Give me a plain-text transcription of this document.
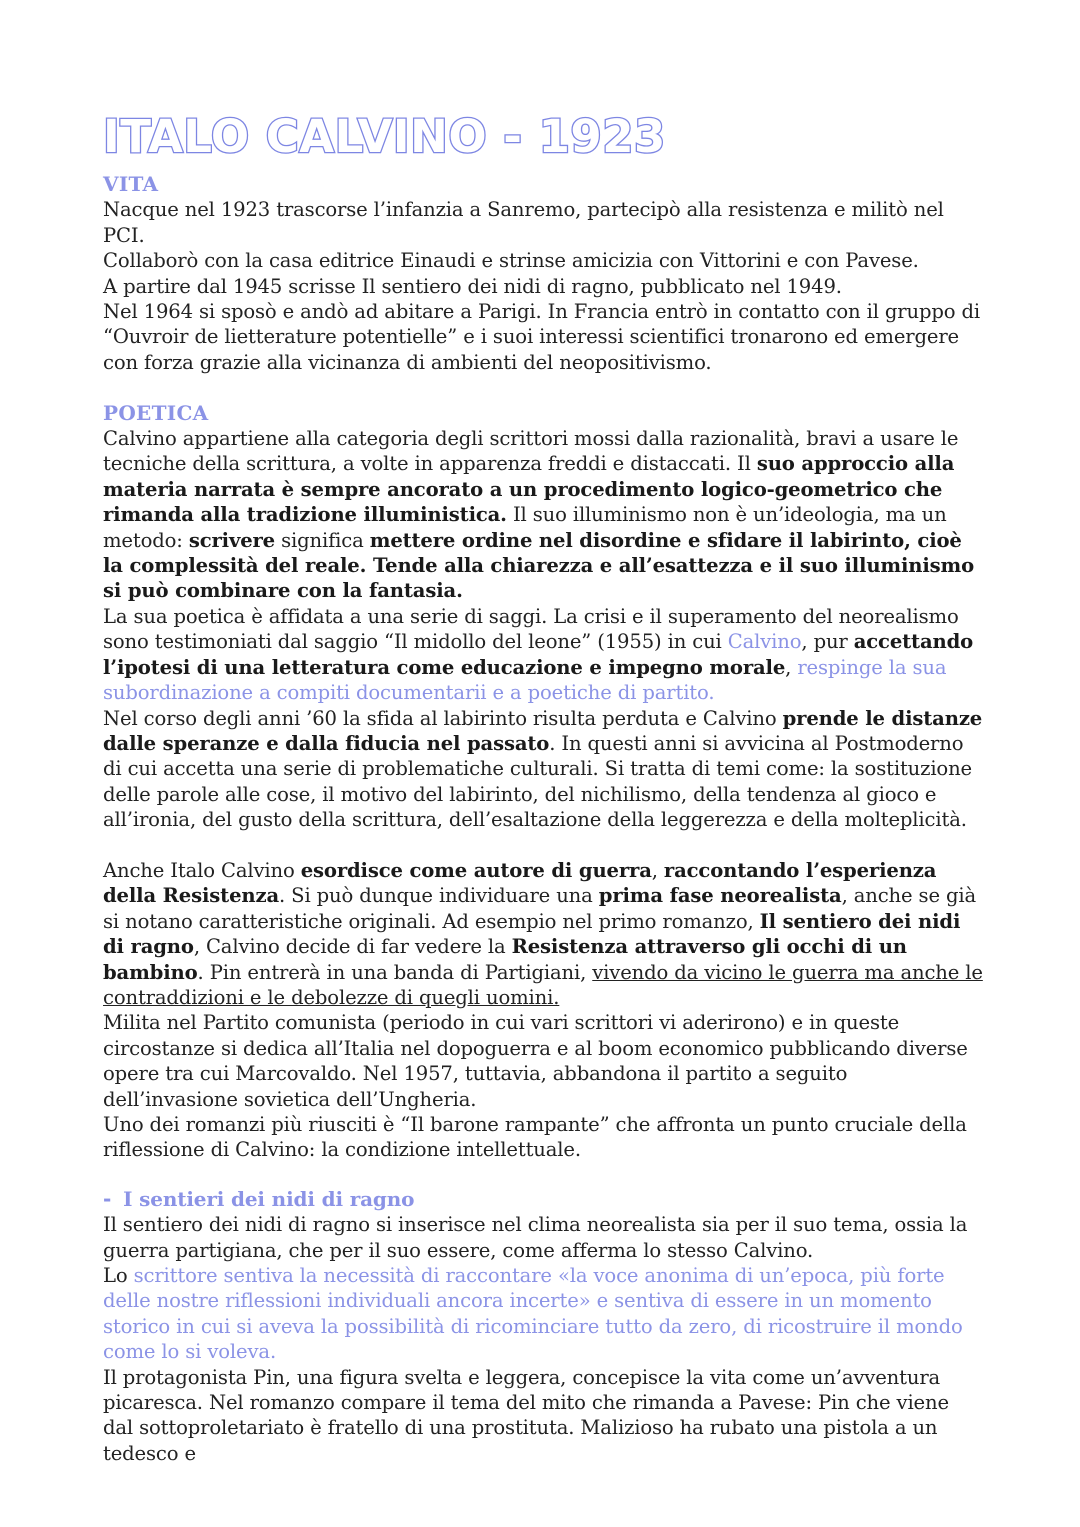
ITALO CALVINO - 1923
VITA

Nacque nel 1923 trascorse l’infanzia a Sanremo, partecipò alla resistenza e militò nel PCI.

Collaborò con la casa editrice Einaudi e strinse amicizia con Vittorini e con Pavese.

A partire dal 1945 scrisse Il sentiero dei nidi di ragno, pubblicato nel 1949.

Nel 1964 si sposò e andò ad abitare a Parigi. In Francia entrò in contatto con il gruppo di “Ouvroir de lietterature potentielle” e i suoi interessi scientifici tronarono ed emergere con forza grazie alla vicinanza di ambienti del neopositivismo.

POETICA

Calvino appartiene alla categoria degli scrittori mossi dalla razionalità, bravi a usare le tecniche della scrittura, a volte in apparenza freddi e distaccati. Il suo approccio alla materia narrata è sempre ancorato a un procedimento logico-geometrico che rimanda alla tradizione illuministica. Il suo illuminismo non è un’ideologia, ma un metodo: scrivere significa mettere ordine nel disordine e sfidare il labirinto, cioè la complessità del reale. Tende alla chiarezza e all’esattezza e il suo illuminismo si può combinare con la fantasia.

La sua poetica è affidata a una serie di saggi. La crisi e il superamento del neorealismo sono testimoniati dal saggio “Il midollo del leone” (1955) in cui Calvino, pur accettando l’ipotesi di una letteratura come educazione e impegno morale, respinge la sua subordinazione a compiti documentarii e a poetiche di partito.

Nel corso degli anni ’60 la sfida al labirinto risulta perduta e Calvino prende le distanze dalle speranze e dalla fiducia nel passato. In questi anni si avvicina al Postmoderno di cui accetta una serie di problematiche culturali. Si tratta di temi come: la sostituzione delle parole alle cose, il motivo del labirinto, del nichilismo, della tendenza al gioco e all’ironia, del gusto della scrittura, dell’esaltazione della leggerezza e della molteplicità.

Anche Italo Calvino esordisce come autore di guerra, raccontando l’esperienza della Resistenza. Si può dunque individuare una prima fase neorealista, anche se già si notano caratteristiche originali. Ad esempio nel primo romanzo, Il sentiero dei nidi di ragno, Calvino decide di far vedere la Resistenza attraverso gli occhi di un bambino. Pin entrerà in una banda di Partigiani, vivendo da vicino le guerra ma anche le contraddizioni e le debolezze di quegli uomini.

Milita nel Partito comunista (periodo in cui vari scrittori vi aderirono) e in queste circostanze si dedica all’Italia nel dopoguerra e al boom economico pubblicando diverse opere tra cui Marcovaldo. Nel 1957, tuttavia, abbandona il partito a seguito dell’invasione sovietica dell’Ungheria.

Uno dei romanzi più riusciti è “Il barone rampante” che affronta un punto cruciale della riflessione di Calvino: la condizione intellettuale.

- I sentieri dei nidi di ragno

Il sentiero dei nidi di ragno si inserisce nel clima neorealista sia per il suo tema, ossia la guerra partigiana, che per il suo essere, come afferma lo stesso Calvino.

Lo scrittore sentiva la necessità di raccontare «la voce anonima di un’epoca, più forte delle nostre riflessioni individuali ancora incerte» e sentiva di essere in un momento storico in cui si aveva la possibilità di ricominciare tutto da zero, di ricostruire il mondo come lo si voleva.

Il protagonista Pin, una figura svelta e leggera, concepisce la vita come un’avventura picaresca. Nel romanzo compare il tema del mito che rimanda a Pavese: Pin che viene dal sottoproletariato è fratello di una prostituta. Malizioso ha rubato una pistola a un tedesco e
